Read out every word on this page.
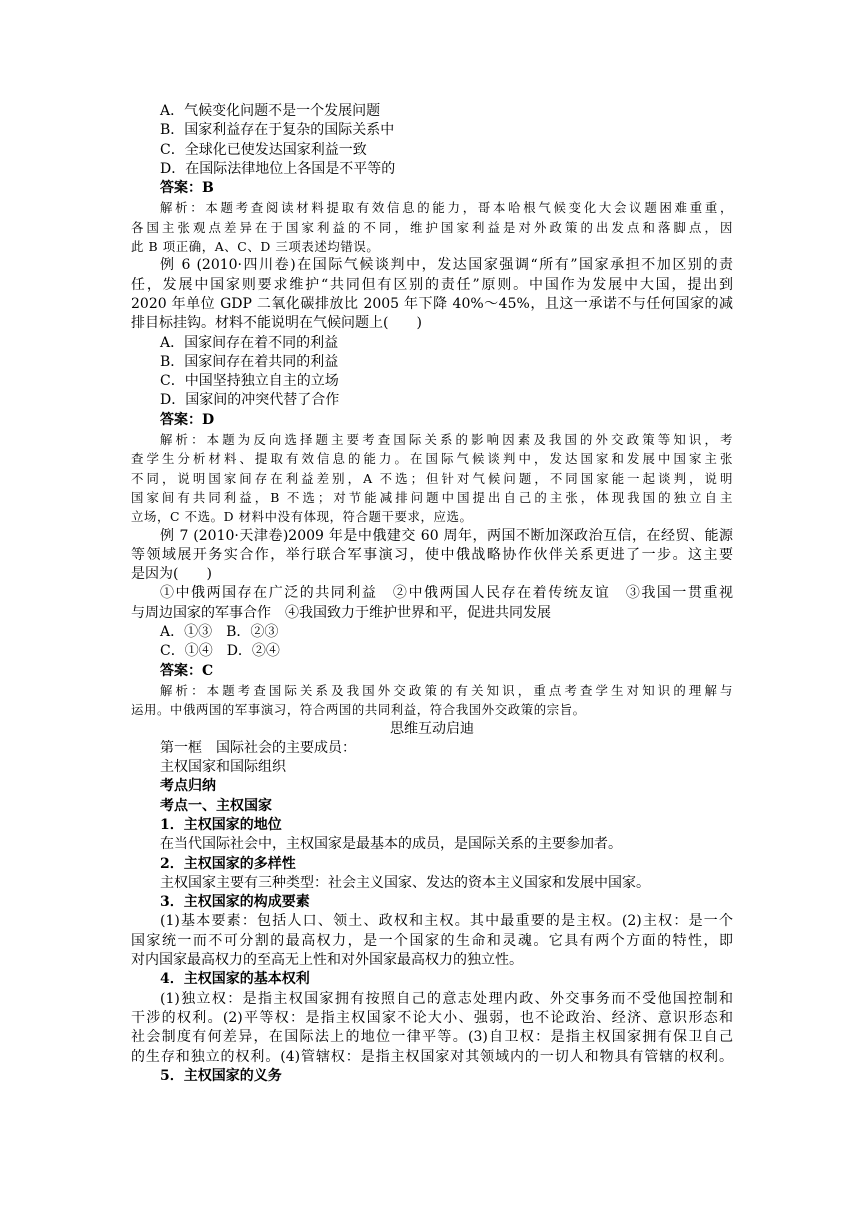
A．气候变化问题不是一个发展问题
B．国家利益存在于复杂的国际关系中
C．全球化已使发达国家利益一致
D．在国际法律地位上各国是不平等的
答案：B
解析：本题考查阅读材料提取有效信息的能力，哥本哈根气候变化大会议题困难重重，
各国主张观点差异在于国家利益的不同，维护国家利益是对外政策的出发点和落脚点，因
此 B 项正确，A、C、D 三项表述均错误。
例 6 (2010·四川卷)在国际气候谈判中，发达国家强调“所有”国家承担不加区别的责
任，发展中国家则要求维护“共同但有区别的责任”原则。中国作为发展中大国，提出到
2020 年单位 GDP 二氧化碳排放比 2005 年下降 40%～45%，且这一承诺不与任何国家的减
排目标挂钩。材料不能说明在气候问题上(　　)
A．国家间存在着不同的利益
B．国家间存在着共同的利益
C．中国坚持独立自主的立场
D．国家间的冲突代替了合作
答案：D
解析：本题为反向选择题主要考查国际关系的影响因素及我国的外交政策等知识，考
查学生分析材料、提取有效信息的能力。在国际气候谈判中，发达国家和发展中国家主张
不同，说明国家间存在利益差别，A 不选；但针对气候问题，不同国家能一起谈判，说明
国家间有共同利益，B 不选；对节能减排问题中国提出自己的主张，体现我国的独立自主
立场，C 不选。D 材料中没有体现，符合题干要求，应选。
例 7 (2010·天津卷)2009 年是中俄建交 60 周年，两国不断加深政治互信，在经贸、能源
等领域展开务实合作，举行联合军事演习，使中俄战略协作伙伴关系更进了一步。这主要
是因为(　　)
①中俄两国存在广泛的共同利益　②中俄两国人民存在着传统友谊　③我国一贯重视
与周边国家的军事合作　④我国致力于维护世界和平，促进共同发展
A．①③　B．②③
C．①④　D．②④
答案：C
解析：本题考查国际关系及我国外交政策的有关知识，重点考查学生对知识的理解与
运用。中俄两国的军事演习，符合两国的共同利益，符合我国外交政策的宗旨。
思维互动启迪
第一框　国际社会的主要成员：
主权国家和国际组织
考点归纳
考点一、主权国家
1．主权国家的地位
在当代国际社会中，主权国家是最基本的成员，是国际关系的主要参加者。
2．主权国家的多样性
主权国家主要有三种类型：社会主义国家、发达的资本主义国家和发展中国家。
3．主权国家的构成要素
(1)基本要素：包括人口、领土、政权和主权。其中最重要的是主权。(2)主权：是一个
国家统一而不可分割的最高权力，是一个国家的生命和灵魂。它具有两个方面的特性，即
对内国家最高权力的至高无上性和对外国家最高权力的独立性。
4．主权国家的基本权利
(1)独立权：是指主权国家拥有按照自己的意志处理内政、外交事务而不受他国控制和
干涉的权利。(2)平等权：是指主权国家不论大小、强弱，也不论政治、经济、意识形态和
社会制度有何差异，在国际法上的地位一律平等。(3)自卫权：是指主权国家拥有保卫自己
的生存和独立的权利。(4)管辖权：是指主权国家对其领域内的一切人和物具有管辖的权利。
5．主权国家的义务
